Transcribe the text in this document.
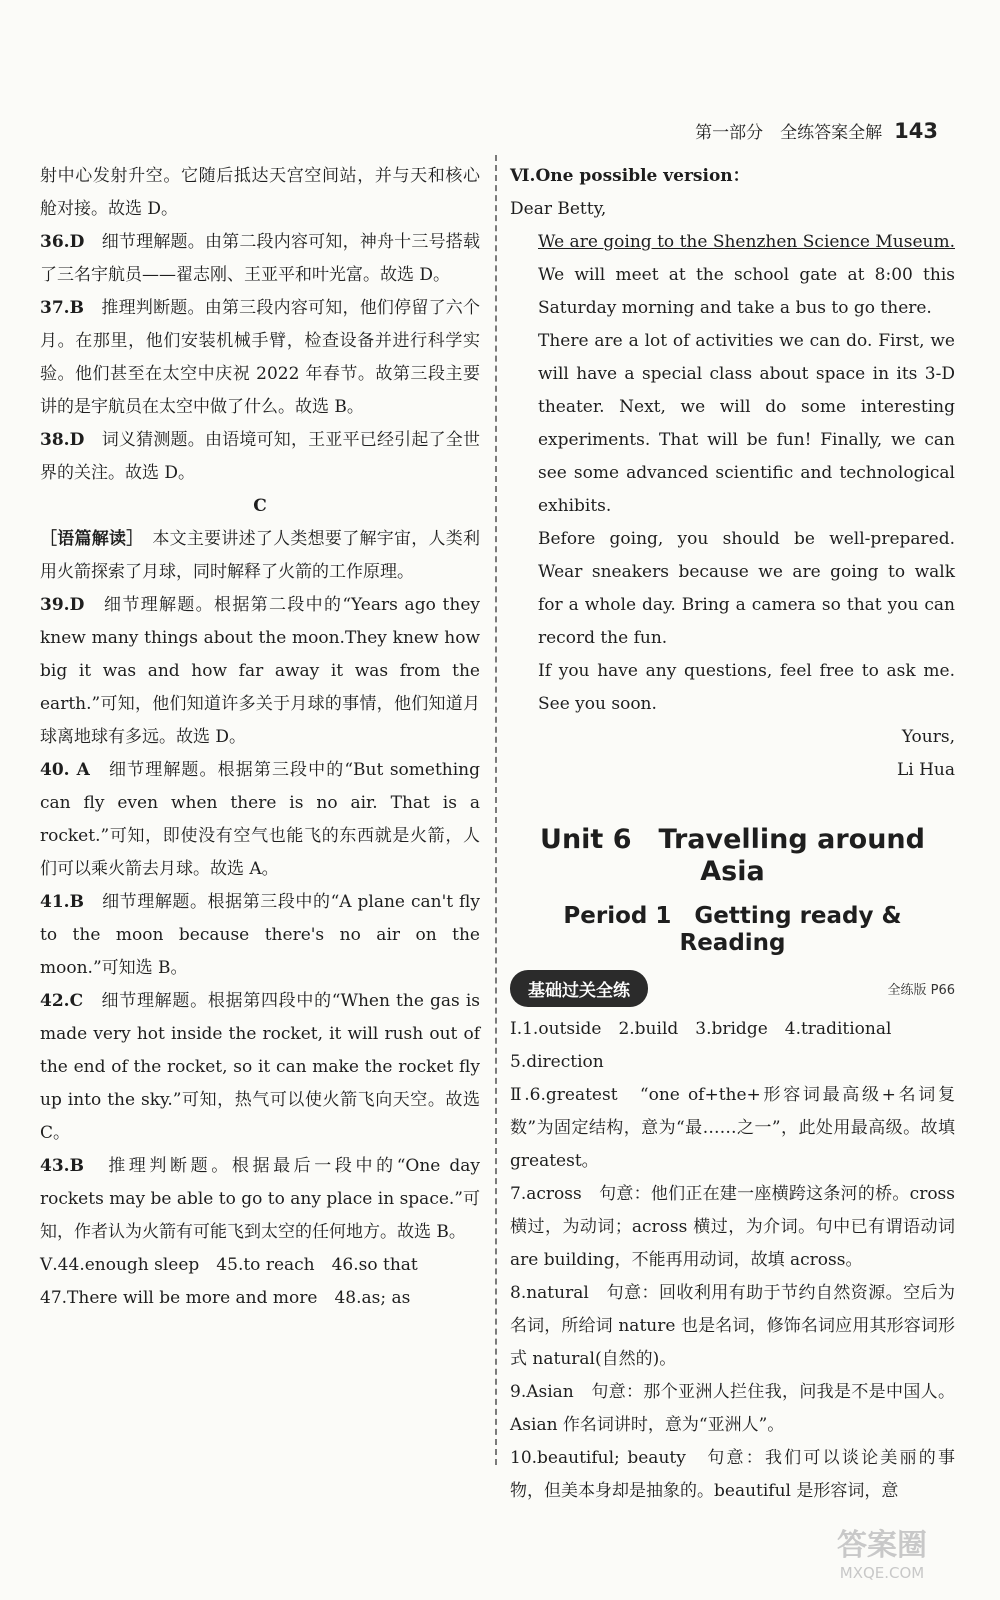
第一部分　全练答案全解 143

射中心发射升空。它随后抵达天宫空间站，并与天和核心舱对接。故选 D。

36.D　 细节理解题。由第二段内容可知，神舟十三号搭载了三名宇航员——翟志刚、王亚平和叶光富。故选 D。

37.B　 推理判断题。由第三段内容可知，他们停留了六个月。在那里，他们安装机械手臂，检查设备并进行科学实验。他们甚至在太空中庆祝 2022 年春节。故第三段主要讲的是宇航员在太空中做了什么。故选 B。

38.D　 词义猜测题。由语境可知，王亚平已经引起了全世界的关注。故选 D。

C

［语篇解读］　 本文主要讲述了人类想要了解宇宙，人类利用火箭探索了月球，同时解释了火箭的工作原理。

39.D　 细节理解题。根据第二段中的“Years ago they knew many things about the moon.They knew how big it was and how far away it was from the earth.”可知，他们知道许多关于月球的事情，他们知道月球离地球有多远。故选 D。

40. A　 细节理解题。根据第三段中的“But something can fly even when there is no air. That is a rocket.”可知，即使没有空气也能飞的东西就是火箭，人们可以乘火箭去月球。故选 A。

41.B　 细节理解题。根据第三段中的“A plane can't fly to the moon because there's no air on the moon.”可知选 B。

42.C　 细节理解题。根据第四段中的“When the gas is made very hot inside the rocket, it will rush out of the end of the rocket, so it can make the rocket fly up into the sky.”可知，热气可以使火箭飞向天空。故选 C。

43.B　 推理判断题。根据最后一段中的“One day rockets may be able to go to any place in space.”可知，作者认为火箭有可能飞到太空的任何地方。故选 B。

Ⅴ.44.enough sleep　45.to reach　46.so that

47.There will be more and more　48.as; as

Ⅵ.One possible version：

Dear Betty,

We are going to the Shenzhen Science Museum. We will meet at the school gate at 8:00 this Saturday morning and take a bus to go there.

There are a lot of activities we can do. First, we will have a special class about space in its 3-D theater. Next, we will do some interesting experiments. That will be fun! Finally, we can see some advanced scientific and technological exhibits.

Before going, you should be well-prepared. Wear sneakers because we are going to walk for a whole day. Bring a camera so that you can record the fun.

If you have any questions, feel free to ask me. See you soon.

Yours,

Li Hua

Unit 6　Travelling around Asia
Period 1　Getting ready & Reading
基础过关全练	全练版 P66

Ⅰ.1.outside　2.build　3.bridge　4.traditional

5.direction

Ⅱ.6.greatest　“one of+the+形容词最高级+名词复数”为固定结构，意为“最……之一”，此处用最高级。故填 greatest。

7.across　句意：他们正在建一座横跨这条河的桥。cross 横过，为动词；across 横过，为介词。句中已有谓语动词 are building，不能再用动词，故填 across。

8.natural　句意：回收利用有助于节约自然资源。空后为名词，所给词 nature 也是名词，修饰名词应用其形容词形式 natural(自然的)。

9.Asian　句意：那个亚洲人拦住我，问我是不是中国人。Asian 作名词讲时，意为“亚洲人”。

10.beautiful; beauty　句意：我们可以谈论美丽的事物，但美本身却是抽象的。beautiful 是形容词，意

答案圈
MXQE.COM
